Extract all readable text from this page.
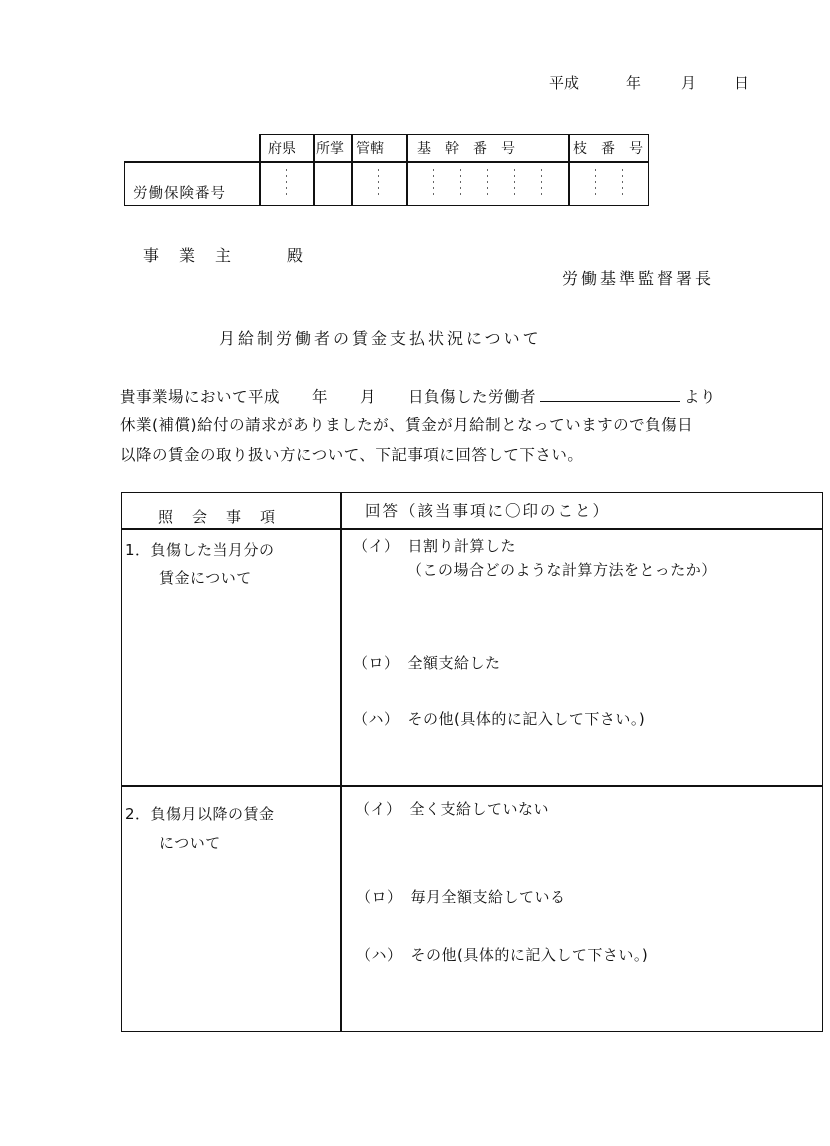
平成	年	月	日
府県 所掌 管轄 基　幹　番　号	枝　番　号
労働保険番号
事　業　主　　　殿
労働基準監督署長
月給制労働者の賃金支払状況について
貴事業場において平成　　年　　月　　日負傷した労働者	より
休業(補償)給付の請求がありましたが、賃金が月給制となっていますので負傷日
以降の賃金の取り扱い方について、下記事項に回答して下さい。
照　会　事　項	回答（該当事項に〇印のこと）
1．負傷した当月分の
賃金について
（イ）　日割り計算した
（この場合どのような計算方法をとったか）
（ロ）　全額支給した
（ハ）　その他(具体的に記入して下さい。)
2．負傷月以降の賃金
について
（イ）　全く支給していない
（ロ）　毎月全額支給している
（ハ）　その他(具体的に記入して下さい。)
